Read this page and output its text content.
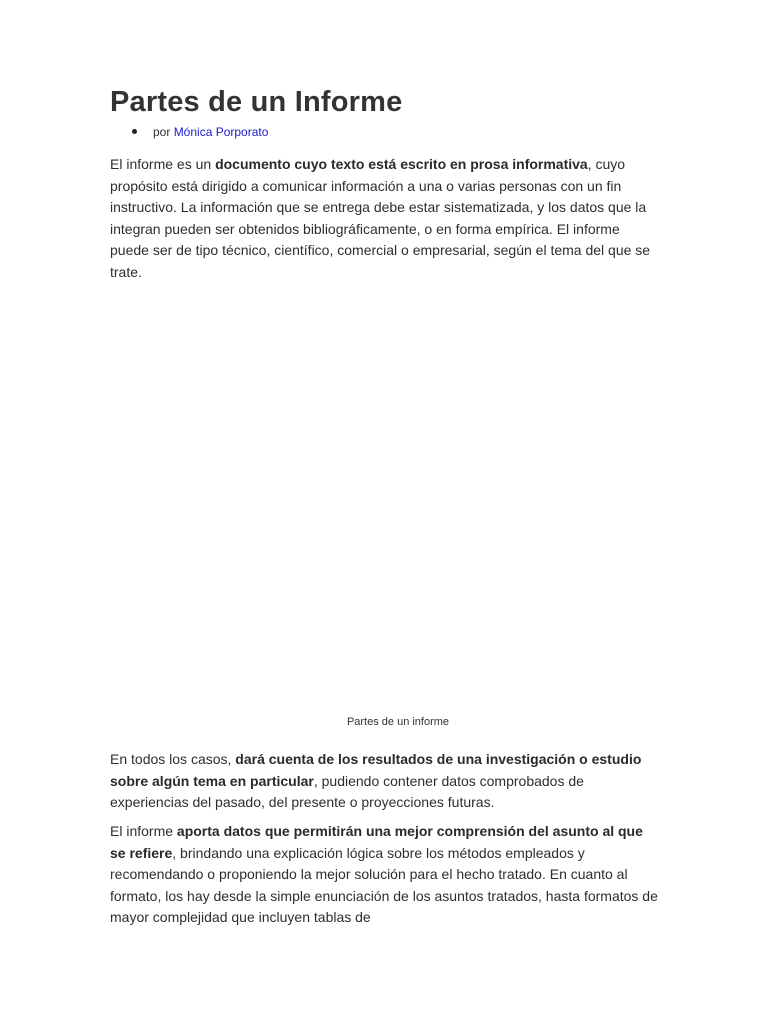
Partes de un Informe
por Mónica Porporato

El informe es un documento cuyo texto está escrito en prosa informativa, cuyo propósito está dirigido a comunicar información a una o varias personas con un fin instructivo. La información que se entrega debe estar sistematizada, y los datos que la integran pueden ser obtenidos bibliográficamente, o en forma empírica. El informe puede ser de tipo técnico, científico, comercial o empresarial, según el tema del que se trate.

Partes de un informe

En todos los casos, dará cuenta de los resultados de una investigación o estudio sobre algún tema en particular, pudiendo contener datos comprobados de experiencias del pasado, del presente o proyecciones futuras.

El informe aporta datos que permitirán una mejor comprensión del asunto al que se refiere, brindando una explicación lógica sobre los métodos empleados y recomendando o proponiendo la mejor solución para el hecho tratado. En cuanto al formato, los hay desde la simple enunciación de los asuntos tratados, hasta formatos de mayor complejidad que incluyen tablas de
